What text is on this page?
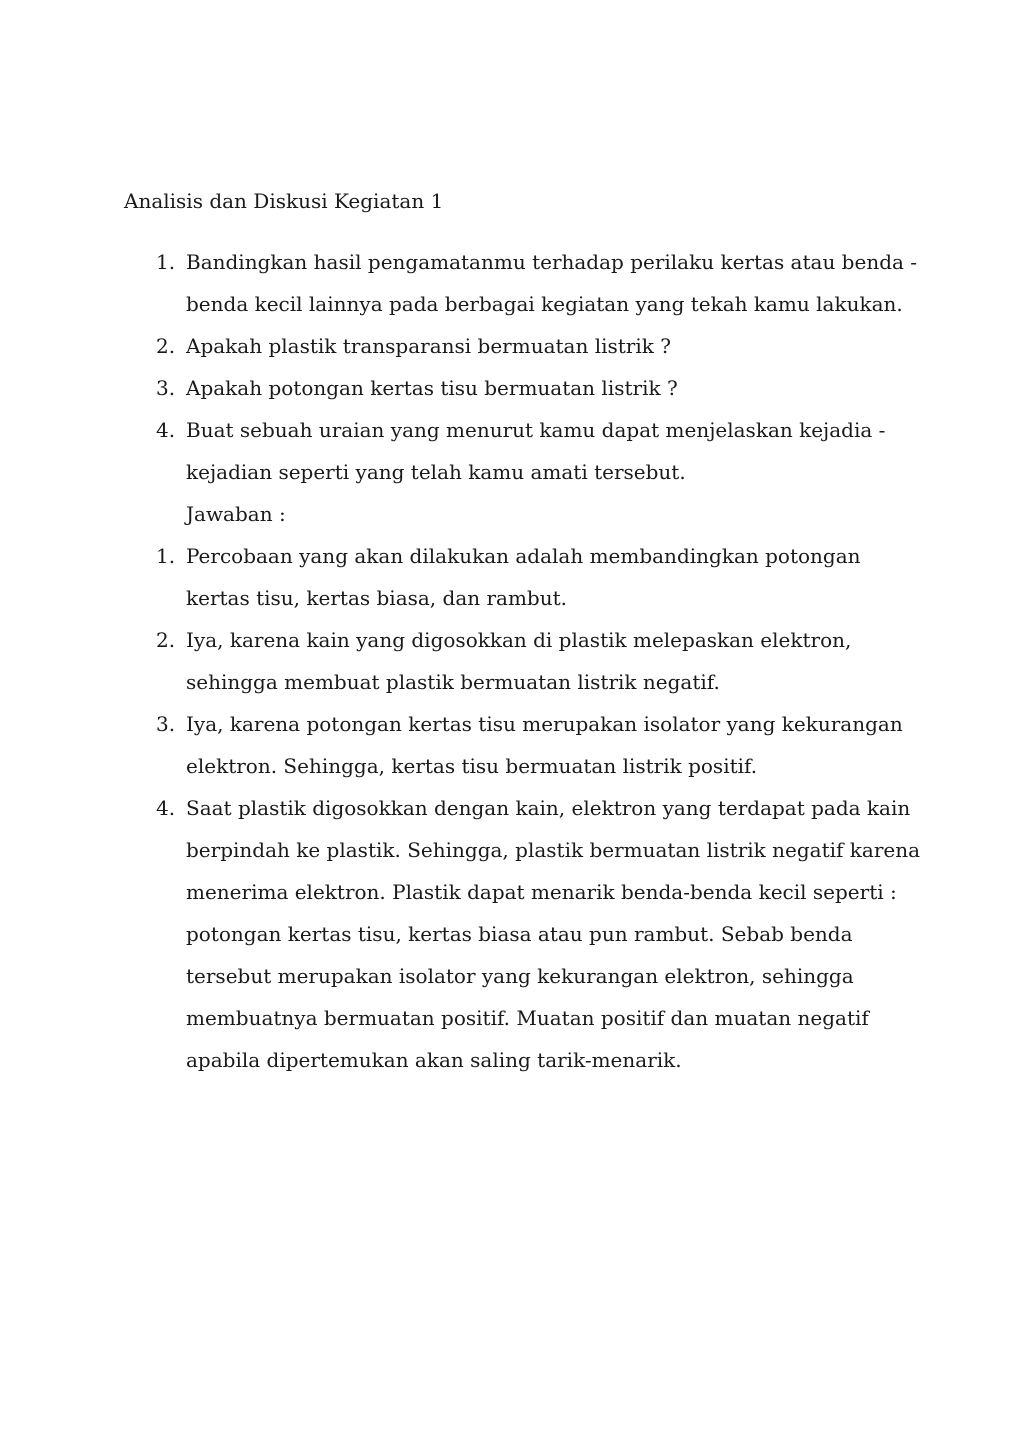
Analisis dan Diskusi Kegiatan 1
1. Bandingkan hasil pengamatanmu terhadap perilaku kertas atau benda -
benda kecil lainnya pada berbagai kegiatan yang tekah kamu lakukan.
2. Apakah plastik transparansi bermuatan listrik ?
3. Apakah potongan kertas tisu bermuatan listrik ?
4. Buat sebuah uraian yang menurut kamu dapat menjelaskan kejadia -
kejadian seperti yang telah kamu amati tersebut.
Jawaban :
1. Percobaan yang akan dilakukan adalah membandingkan potongan
kertas tisu, kertas biasa, dan rambut.
2. Iya, karena kain yang digosokkan di plastik melepaskan elektron,
sehingga membuat plastik bermuatan listrik negatif.
3. Iya, karena potongan kertas tisu merupakan isolator yang kekurangan
elektron. Sehingga, kertas tisu bermuatan listrik positif.
4. Saat plastik digosokkan dengan kain, elektron yang terdapat pada kain
berpindah ke plastik. Sehingga, plastik bermuatan listrik negatif karena
menerima elektron. Plastik dapat menarik benda-benda kecil seperti :
potongan kertas tisu, kertas biasa atau pun rambut. Sebab benda
tersebut merupakan isolator yang kekurangan elektron, sehingga
membuatnya bermuatan positif. Muatan positif dan muatan negatif
apabila dipertemukan akan saling tarik-menarik.
